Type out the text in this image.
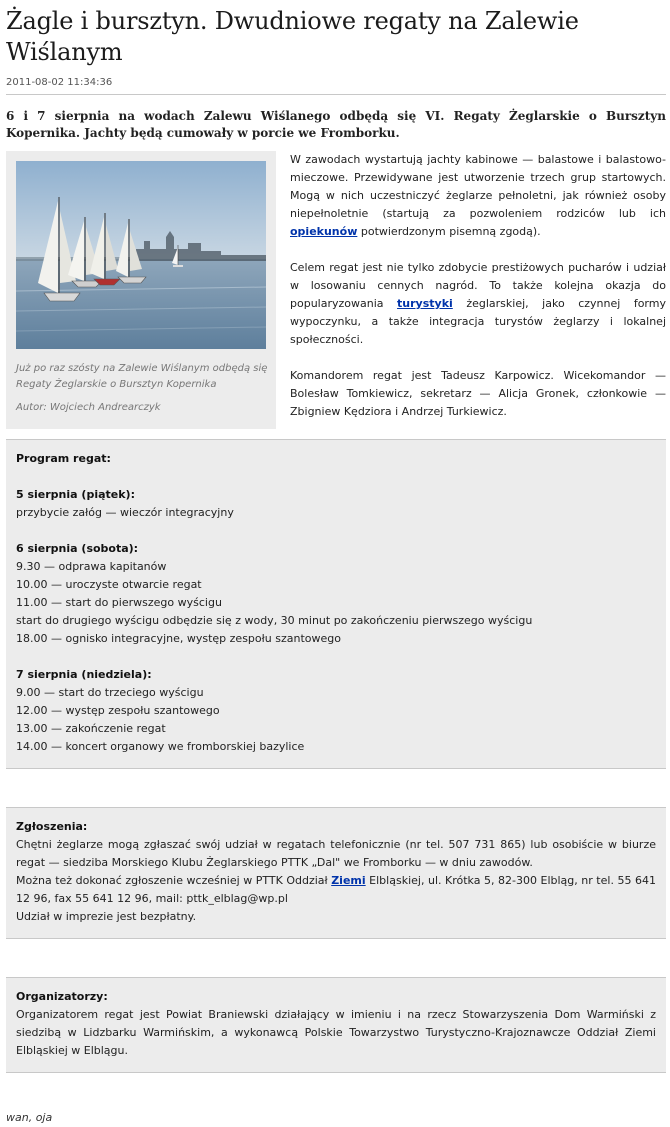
Żagle i bursztyn. Dwudniowe regaty na Zalewie Wiślanym
2011-08-02 11:34:36

6 i 7 sierpnia na wodach Zalewu Wiślanego odbędą się VI. Regaty Żeglarskie o Bursztyn Kopernika. Jachty będą cumowały w porcie we Fromborku.

Już po raz szósty na Zalewie Wiślanym odbędą się Regaty Żeglarskie o Bursztyn Kopernika
Autor: Wojciech Andrearczyk

W zawodach wystartują jachty kabinowe — balastowe i balastowo-mieczowe. Przewidywane jest utworzenie trzech grup startowych. Mogą w nich uczestniczyć żeglarze pełnoletni, jak również osoby niepełnoletnie (startują za pozwoleniem rodziców lub ich opiekunów potwierdzonym pisemną zgodą).

Celem regat jest nie tylko zdobycie prestiżowych pucharów i udział w losowaniu cennych nagród. To także kolejna okazja do popularyzowania turystyki żeglarskiej, jako czynnej formy wypoczynku, a także integracja turystów żeglarzy i lokalnej społeczności.

Komandorem regat jest Tadeusz Karpowicz. Wicekomandor — Bolesław Tomkiewicz, sekretarz — Alicja Gronek, członkowie — Zbigniew Kędziora i Andrzej Turkiewicz.

Program regat:

5 sierpnia (piątek):

przybycie załóg — wieczór integracyjny

6 sierpnia (sobota):

9.30 — odprawa kapitanów

10.00 — uroczyste otwarcie regat

11.00 — start do pierwszego wyścigu

start do drugiego wyścigu odbędzie się z wody, 30 minut po zakończeniu pierwszego wyścigu

18.00 — ognisko integracyjne, występ zespołu szantowego

7 sierpnia (niedziela):

9.00 — start do trzeciego wyścigu

12.00 — występ zespołu szantowego

13.00 — zakończenie regat

14.00 — koncert organowy we fromborskiej bazylice

Zgłoszenia:

Chętni żeglarze mogą zgłaszać swój udział w regatach telefonicznie (nr tel. 507 731 865) lub osobiście w biurze regat — siedziba Morskiego Klubu Żeglarskiego PTTK „Dal" we Fromborku — w dniu zawodów.

Można też dokonać zgłoszenie wcześniej w PTTK Oddział Ziemi Elbląskiej, ul. Krótka 5, 82-300 Elbląg, nr tel. 55 641 12 96, fax 55 641 12 96, mail: pttk_elblag@wp.pl

Udział w imprezie jest bezpłatny.

Organizatorzy:

Organizatorem regat jest Powiat Braniewski działający w imieniu i na rzecz Stowarzyszenia Dom Warmiński z siedzibą w Lidzbarku Warmińskim, a wykonawcą Polskie Towarzystwo Turystyczno-Krajoznawcze Oddział Ziemi Elbląskiej w Elblągu.

wan, oja
